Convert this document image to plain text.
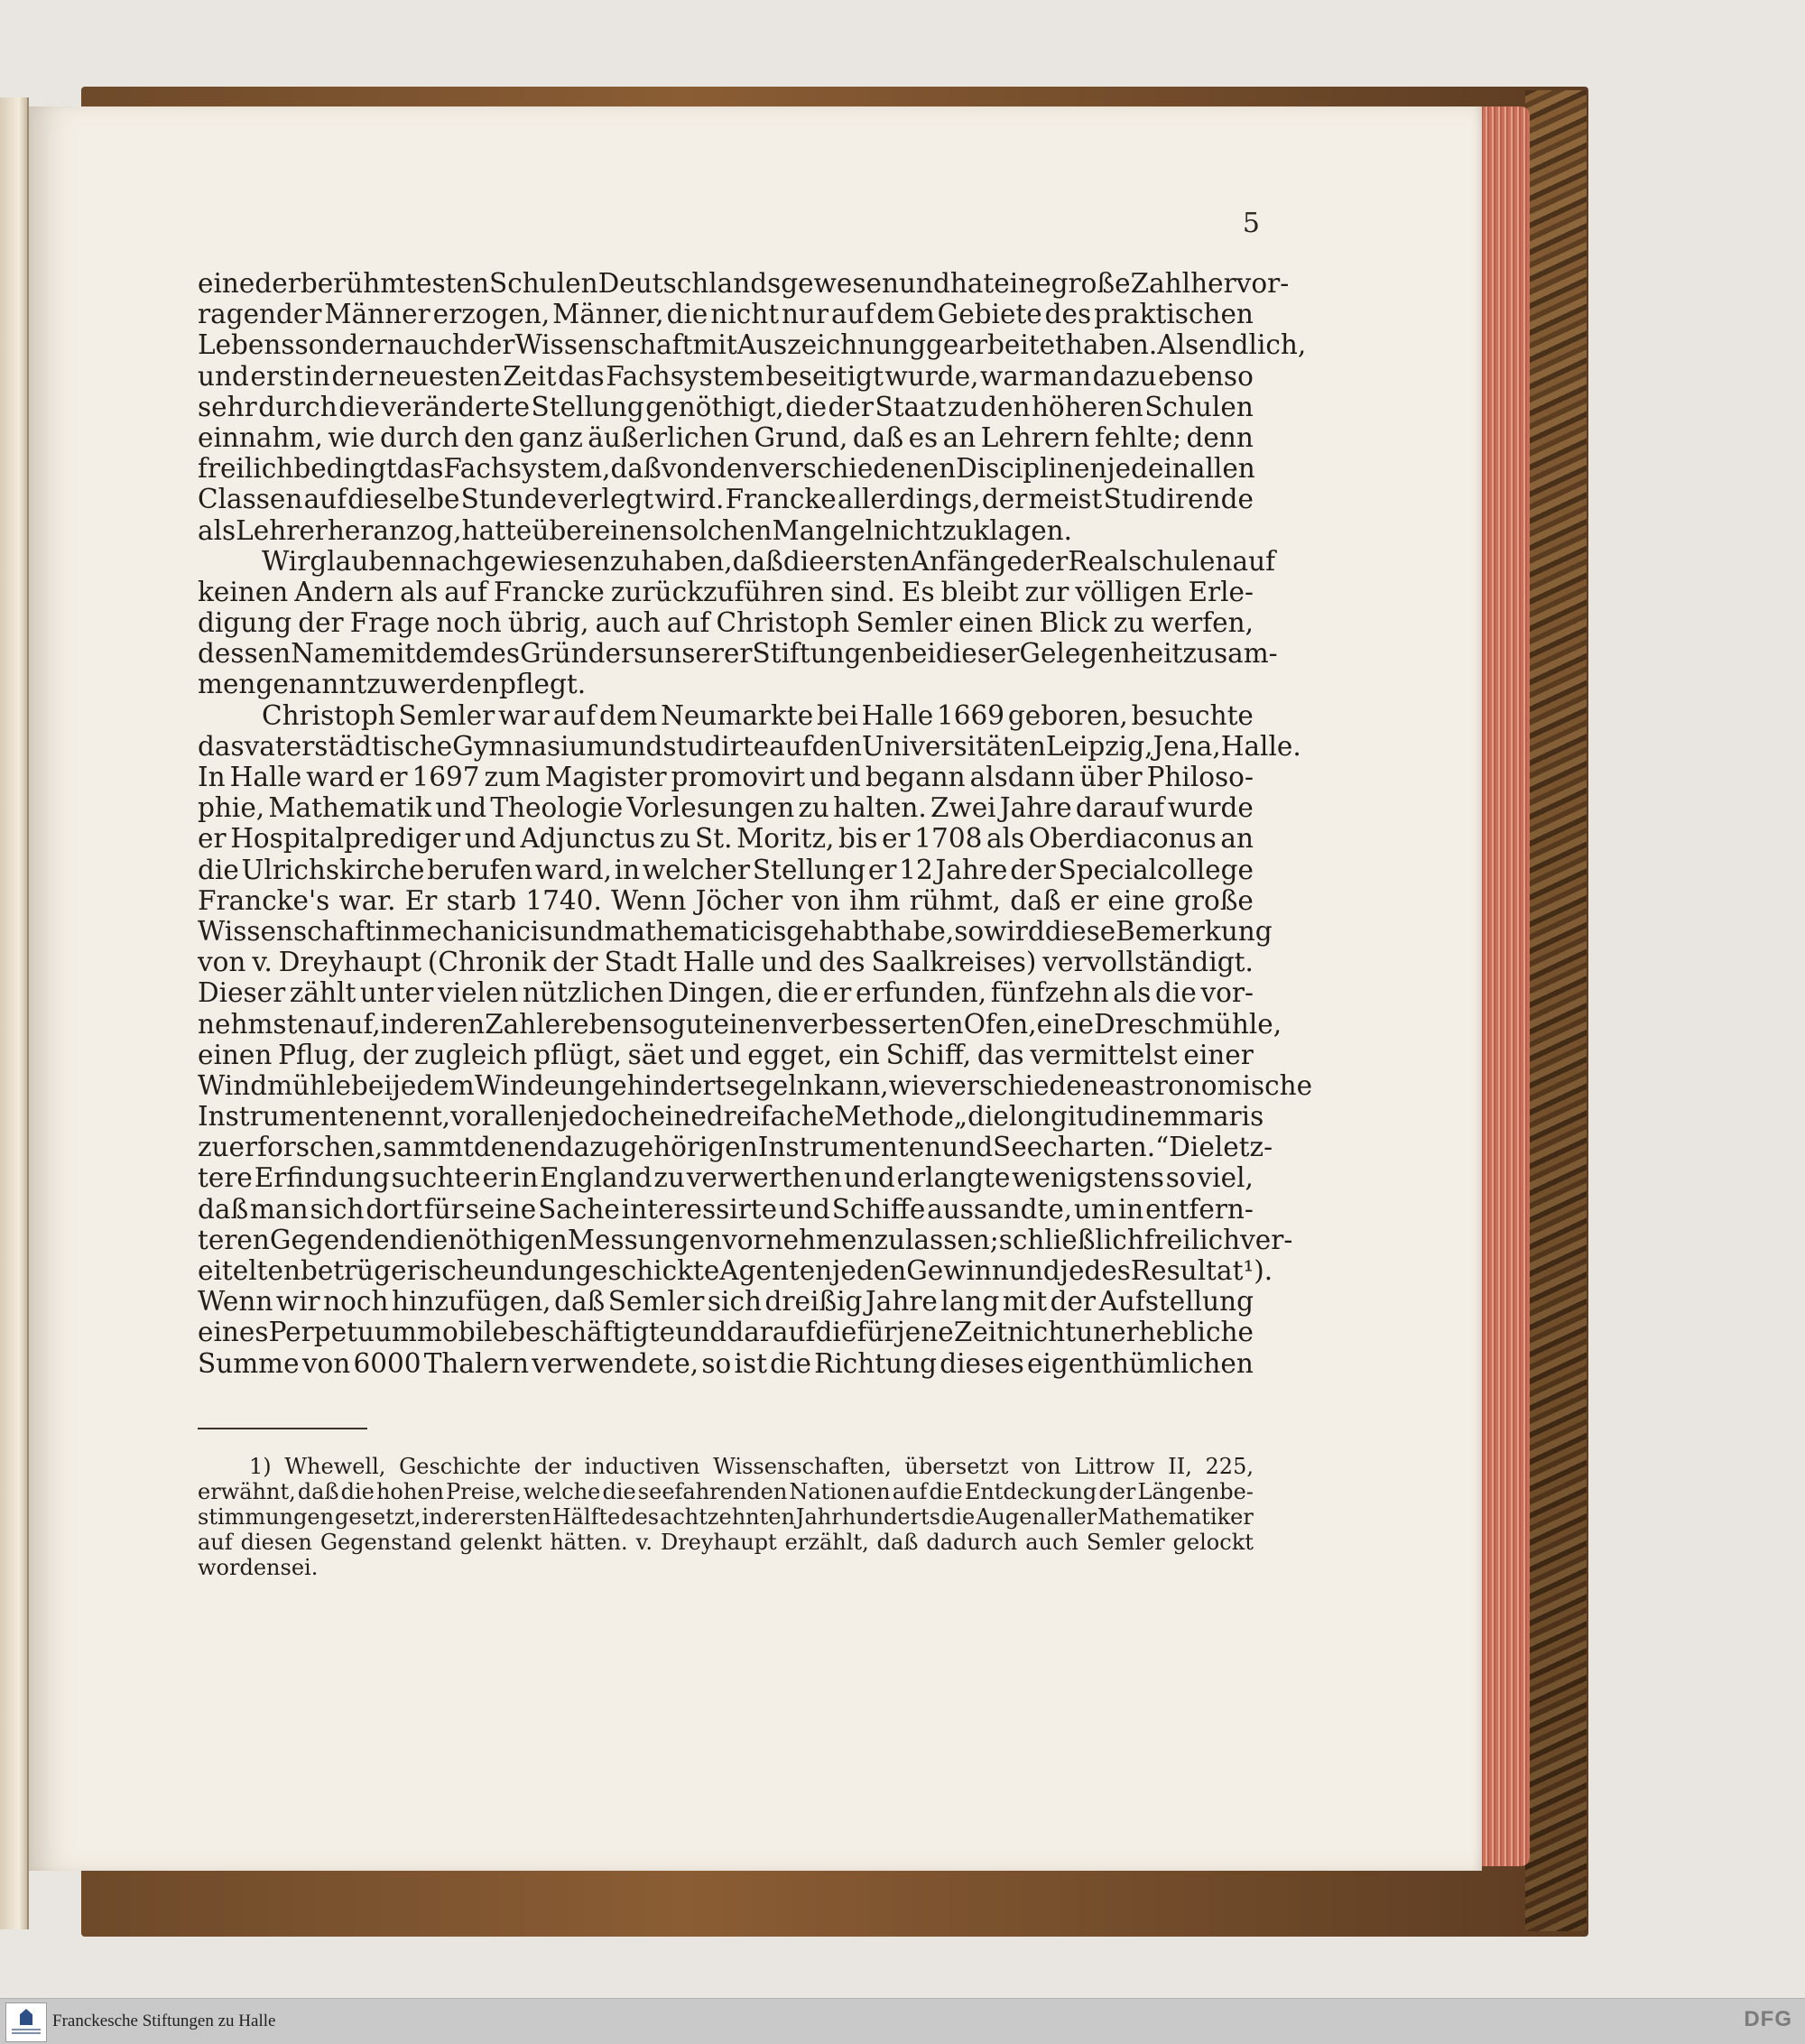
5
eine der berühmtesten Schulen Deutschlands gewesen und hat eine große Zahl hervor-
ragender Männer erzogen, Männer, die nicht nur auf dem Gebiete des praktischen
Lebens sondern auch der Wissenschaft mit Auszeichnung gearbeitet haben. Als endlich,
und erst in der neuesten Zeit das Fachsystem beseitigt wurde, war man dazu ebenso
sehr durch die veränderte Stellung genöthigt, die der Staat zu den höheren Schulen
einnahm, wie durch den ganz äußerlichen Grund, daß es an Lehrern fehlte; denn
freilich bedingt das Fachsystem, daß von den verschiedenen Disciplinen jede in allen
Classen auf dieselbe Stunde verlegt wird. Francke allerdings, der meist Studirende
als Lehrer heranzog, hatte über einen solchen Mangel nicht zu klagen.
Wir glauben nachgewiesen zu haben, daß die ersten Anfänge der Realschulen auf
keinen Andern als auf Francke zurückzuführen sind. Es bleibt zur völligen Erle-
digung der Frage noch übrig, auch auf Christoph Semler einen Blick zu werfen,
dessen Name mit dem des Gründers unserer Stiftungen bei dieser Gelegenheit zusam-
men genannt zu werden pflegt.
Christoph Semler war auf dem Neumarkte bei Halle 1669 geboren, besuchte
das vaterstädtische Gymnasium und studirte auf den Universitäten Leipzig, Jena, Halle.
In Halle ward er 1697 zum Magister promovirt und begann alsdann über Philoso-
phie, Mathematik und Theologie Vorlesungen zu halten. Zwei Jahre darauf wurde
er Hospitalprediger und Adjunctus zu St. Moritz, bis er 1708 als Oberdiaconus an
die Ulrichskirche berufen ward, in welcher Stellung er 12 Jahre der Specialcollege
Francke's war. Er starb 1740. Wenn Jöcher von ihm rühmt, daß er eine große
Wissenschaft in mechanicis und mathematicis gehabt habe, so wird diese Bemerkung
von v. Dreyhaupt (Chronik der Stadt Halle und des Saalkreises) vervollständigt.
Dieser zählt unter vielen nützlichen Dingen, die er erfunden, fünfzehn als die vor-
nehmsten auf, in deren Zahl er ebensogut einen verbesserten Ofen, eine Dreschmühle,
einen Pflug, der zugleich pflügt, säet und egget, ein Schiff, das vermittelst einer
Windmühle bei jedem Winde ungehindert segeln kann, wie verschiedene astronomische
Instrumente nennt, vor allen jedoch eine dreifache Methode „die longitudinem maris
zu erforschen, sammt denen dazu gehörigen Instrumenten und Seecharten.“ Die letz-
tere Erfindung suchte er in England zu verwerthen und erlangte wenigstens so viel,
daß man sich dort für seine Sache interessirte und Schiffe aussandte, um in entfern-
teren Gegenden die nöthigen Messungen vornehmen zu lassen; schließlich freilich ver-
eitelten betrügerische und ungeschickte Agenten jeden Gewinn und jedes Resultat¹).
Wenn wir noch hinzufügen, daß Semler sich dreißig Jahre lang mit der Aufstellung
eines Perpetuum mobile beschäftigte und darauf die für jene Zeit nicht unerhebliche
Summe von 6000 Thalern verwendete, so ist die Richtung dieses eigenthümlichen
1) Whewell, Geschichte der inductiven Wissenschaften, übersetzt von Littrow II, 225,
erwähnt, daß die hohen Preise, welche die seefahrenden Nationen auf die Entdeckung der Längenbe-
stimmungen gesetzt, in der ersten Hälfte des achtzehnten Jahrhunderts die Augen aller Mathematiker
auf diesen Gegenstand gelenkt hätten. v. Dreyhaupt erzählt, daß dadurch auch Semler gelockt
worden sei.
Franckesche Stiftungen zu Halle	DFG
